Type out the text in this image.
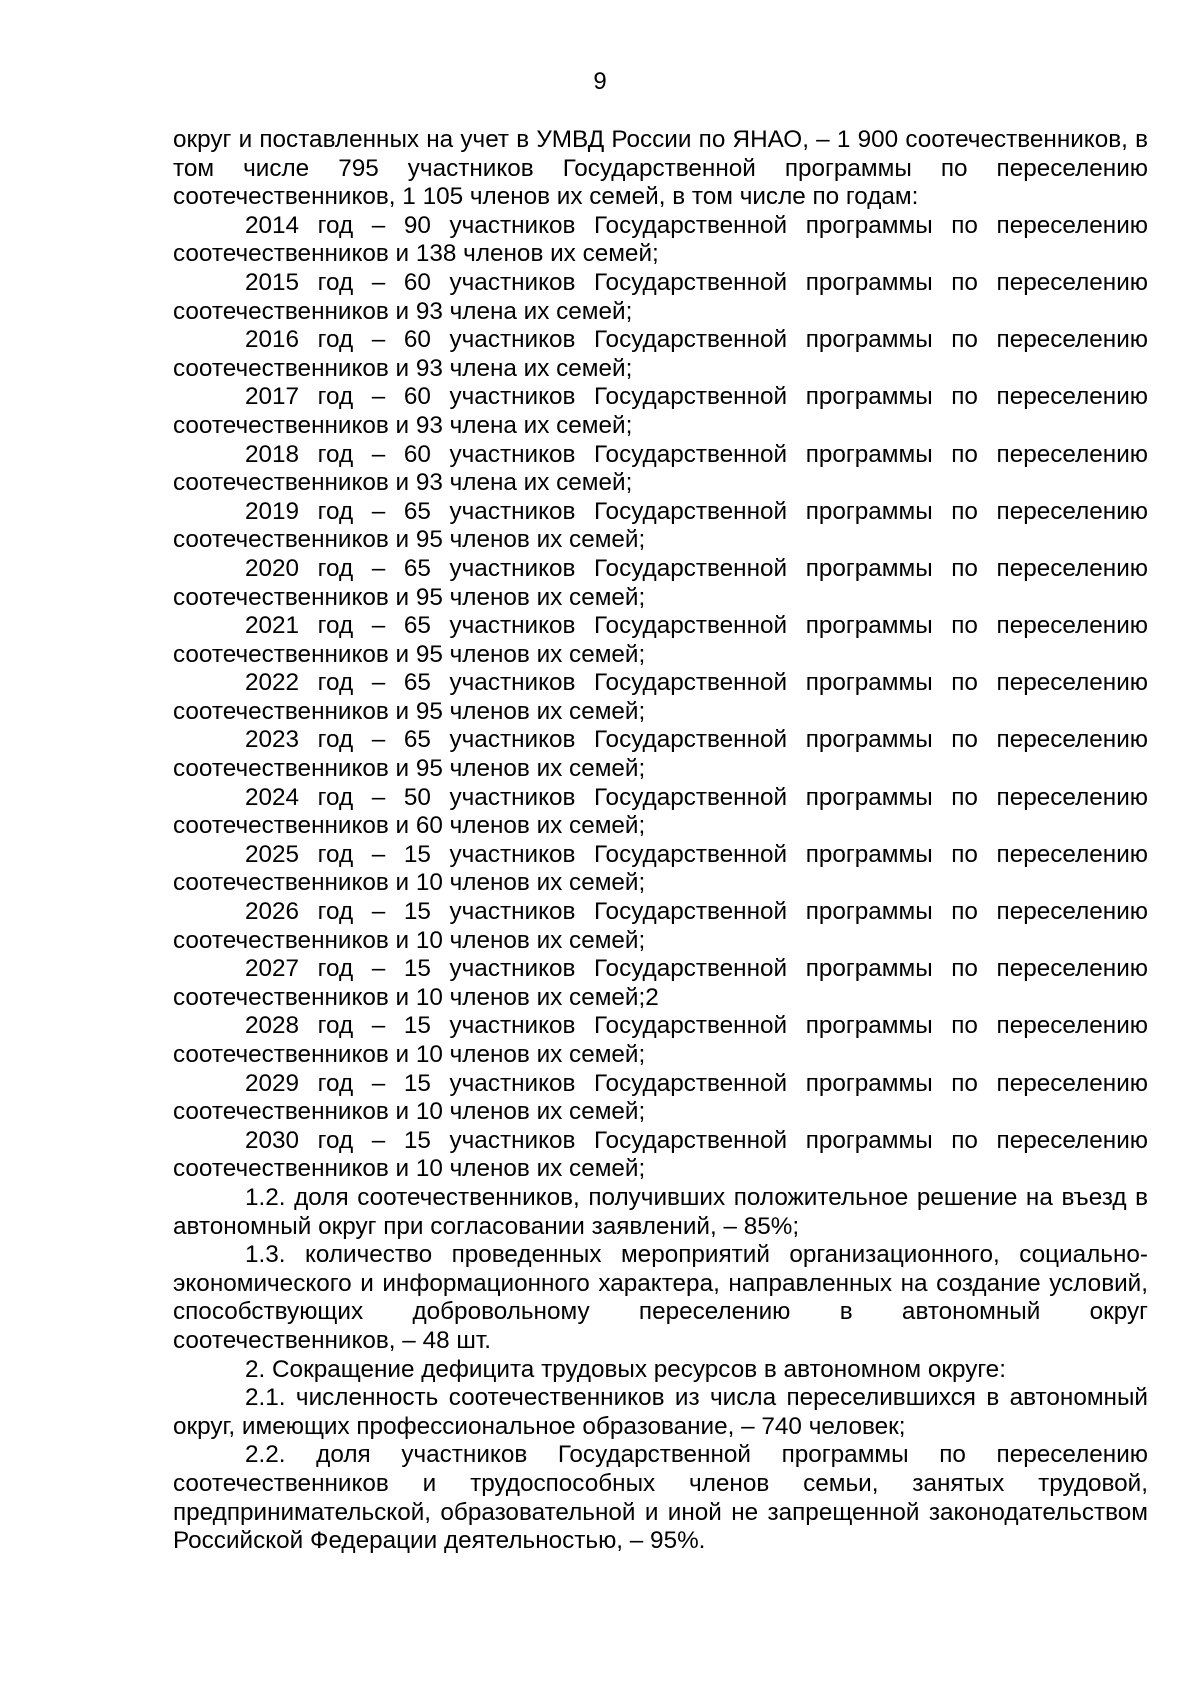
9

округ и поставленных на учет в УМВД России по ЯНАО, – 1 900 соотечественников, в том числе 795 участников Государственной программы по переселению соотечественников, 1 105 членов их семей, в том числе по годам:

2014 год – 90 участников Государственной программы по переселению
соотечественников и 138 членов их семей;

2015 год – 60 участников Государственной программы по переселению
соотечественников и 93 члена их семей;

2016 год – 60 участников Государственной программы по переселению
соотечественников и 93 члена их семей;

2017 год – 60 участников Государственной программы по переселению
соотечественников и 93 члена их семей;

2018 год – 60 участников Государственной программы по переселению
соотечественников и 93 члена их семей;

2019 год – 65 участников Государственной программы по переселению
соотечественников и 95 членов их семей;

2020 год – 65 участников Государственной программы по переселению
соотечественников и 95 членов их семей;

2021 год – 65 участников Государственной программы по переселению
соотечественников и 95 членов их семей;

2022 год – 65 участников Государственной программы по переселению
соотечественников и 95 членов их семей;

2023 год – 65 участников Государственной программы по переселению
соотечественников и 95 членов их семей;

2024 год – 50 участников Государственной программы по переселению
соотечественников и 60 членов их семей;

2025 год – 15 участников Государственной программы по переселению
соотечественников и 10 членов их семей;

2026 год – 15 участников Государственной программы по переселению
соотечественников и 10 членов их семей;

2027 год – 15 участников Государственной программы по переселению
соотечественников и 10 членов их семей;2

2028 год – 15 участников Государственной программы по переселению
соотечественников и 10 членов их семей;

2029 год – 15 участников Государственной программы по переселению
соотечественников и 10 членов их семей;

2030 год – 15 участников Государственной программы по переселению
соотечественников и 10 членов их семей;

1.2. доля соотечественников, получивших положительное решение на въезд в автономный округ при согласовании заявлений, – 85%;

1.3. количество проведенных мероприятий организационного, социально-экономического и информационного характера, направленных на создание условий, способствующих добровольному переселению в автономный округ соотечественников, – 48 шт.

2. Сокращение дефицита трудовых ресурсов в автономном округе:

2.1. численность соотечественников из числа переселившихся в автономный округ, имеющих профессиональное образование, – 740 человек;

2.2. доля участников Государственной программы по переселению соотечественников и трудоспособных членов семьи, занятых трудовой, предпринимательской, образовательной и иной не запрещенной законодательством Российской Федерации деятельностью, – 95%.
